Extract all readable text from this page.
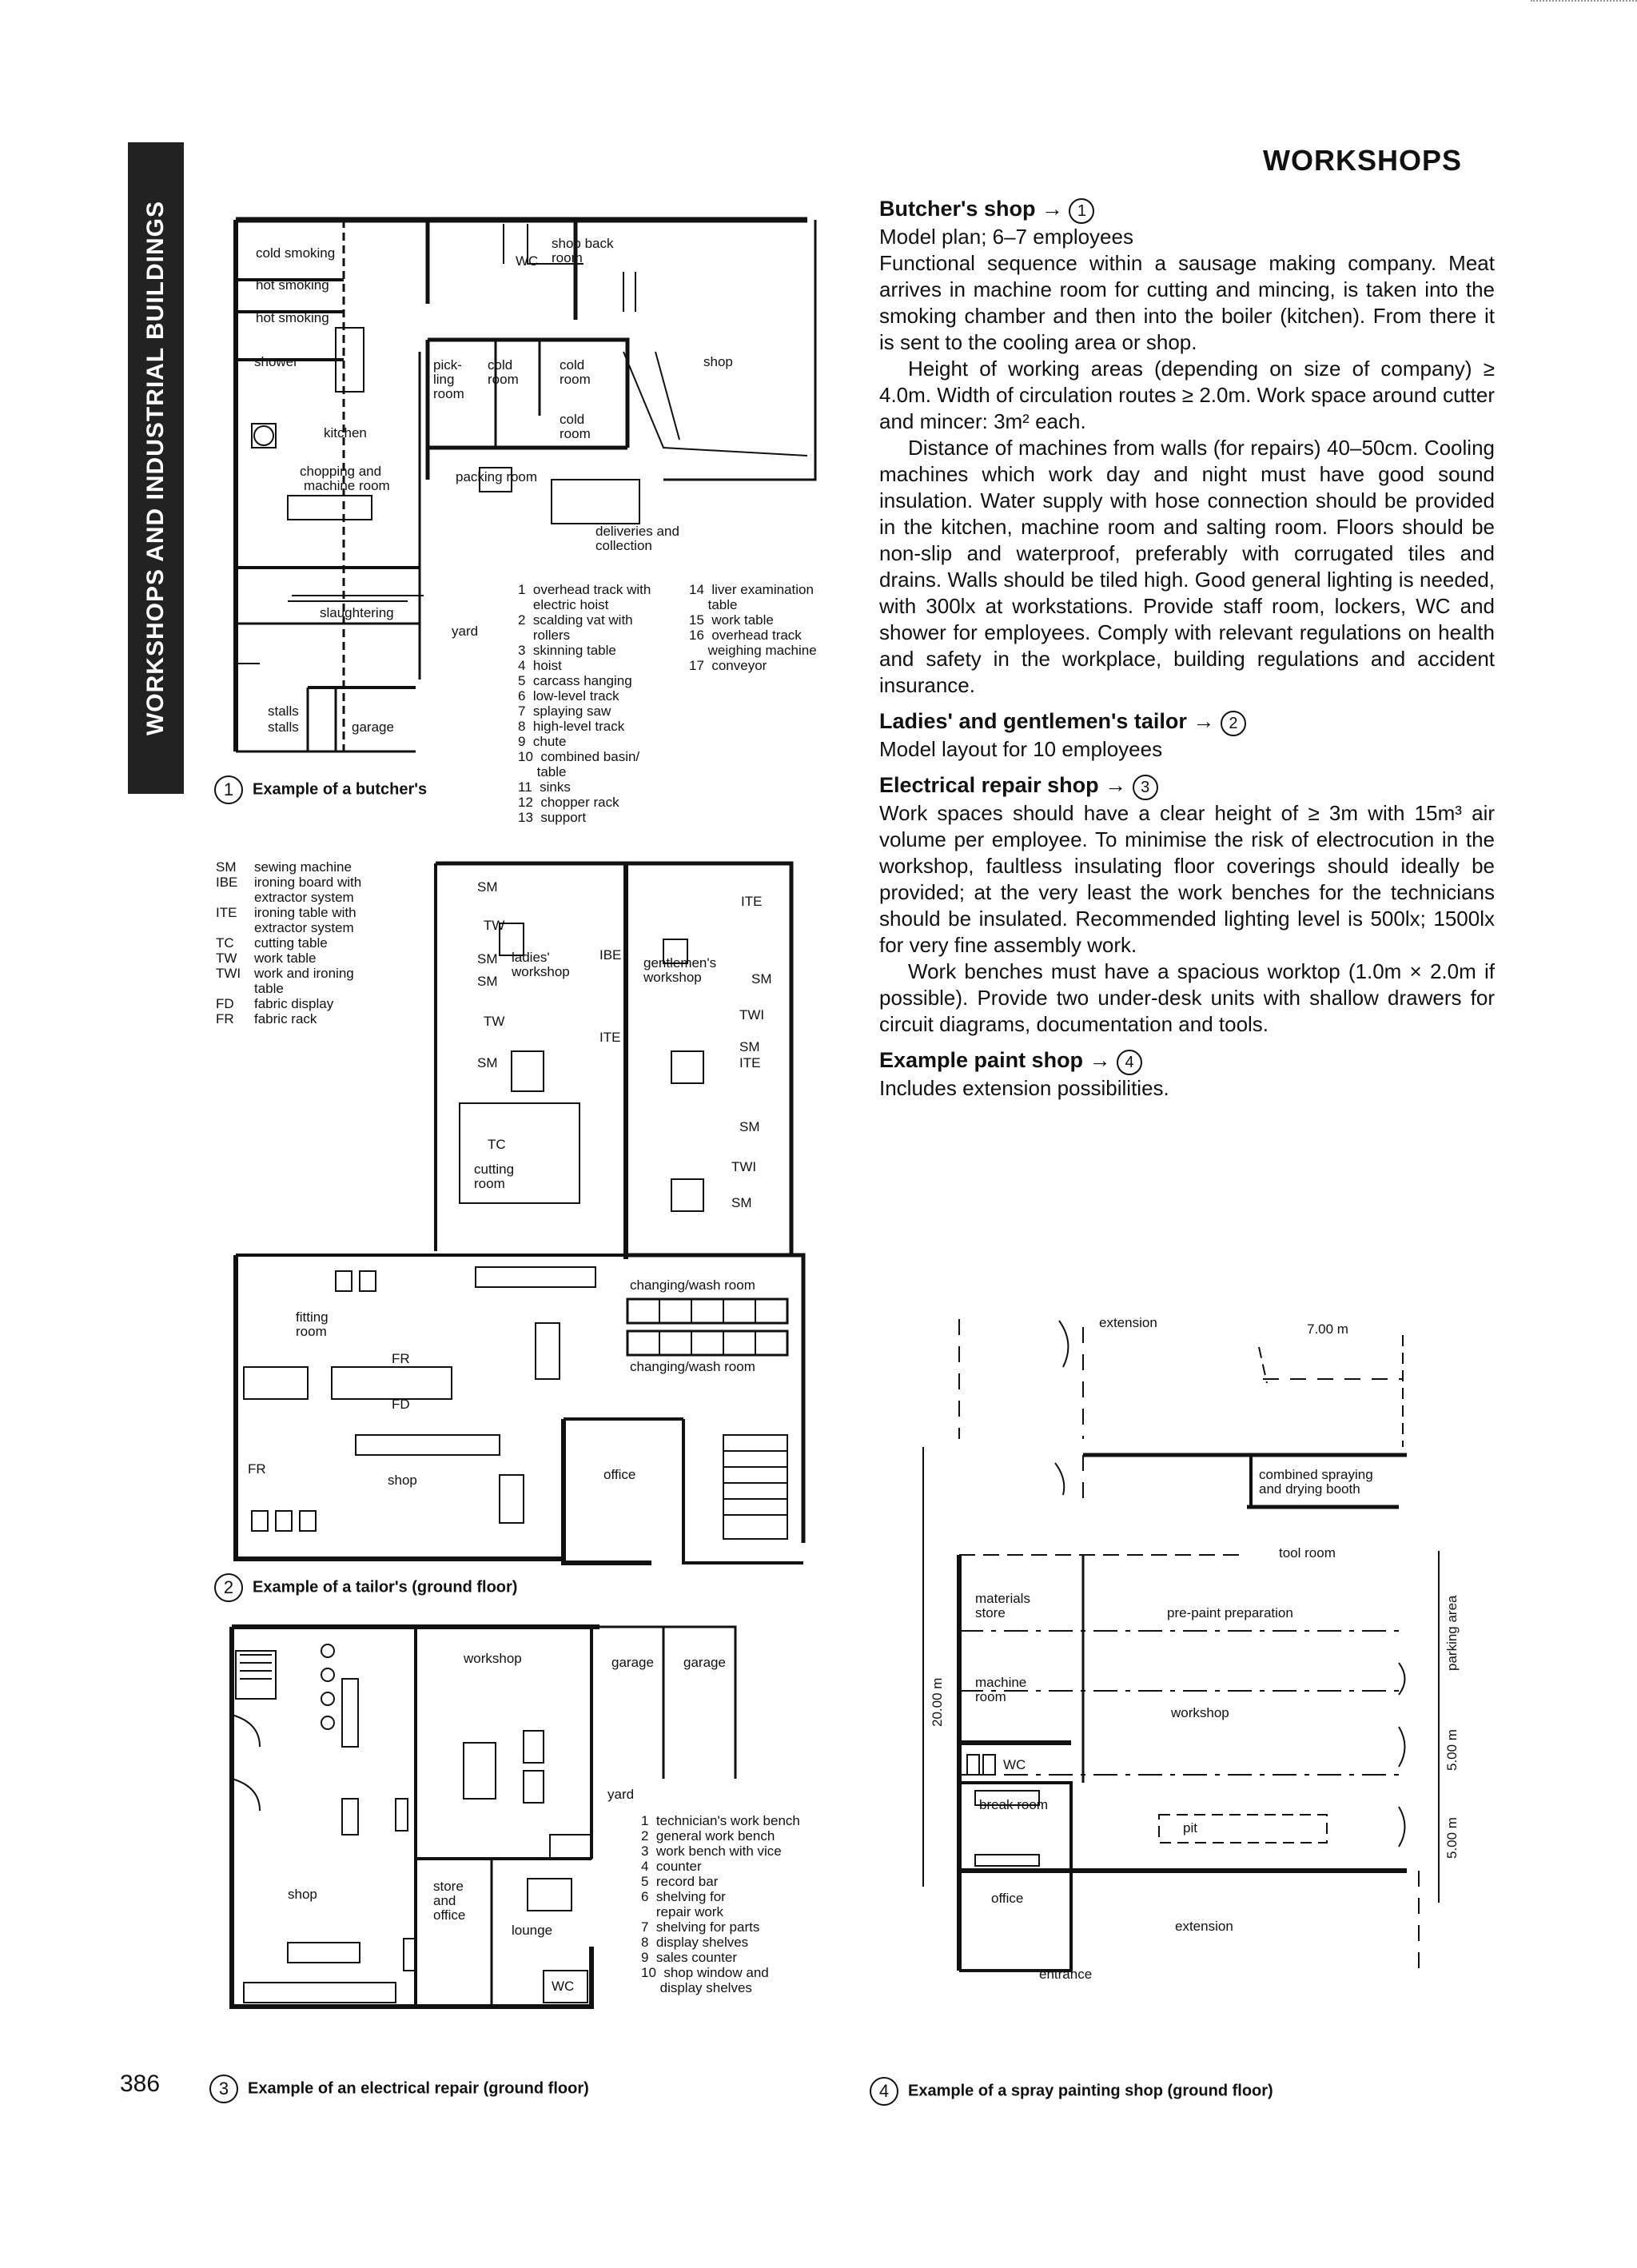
WORKSHOPS AND INDUSTRIAL BUILDINGS
WORKSHOPS
Butcher's shop → 1

Model plan; 6–7 employees

Functional sequence within a sausage making company. Meat arrives in machine room for cutting and mincing, is taken into the smoking chamber and then into the boiler (kitchen). From there it is sent to the cooling area or shop.

Height of working areas (depending on size of company) ≥ 4.0m. Width of circulation routes ≥ 2.0m. Work space around cutter and mincer: 3m² each.

Distance of machines from walls (for repairs) 40–50cm. Cooling machines which work day and night must have good sound insulation. Water supply with hose connection should be provided in the kitchen, machine room and salting room. Floors should be non-slip and waterproof, preferably with corrugated tiles and drains. Walls should be tiled high. Good general lighting is needed, with 300lx at workstations. Provide staff room, lockers, WC and shower for employees. Comply with relevant regulations on health and safety in the workplace, building regulations and accident insurance.

Ladies' and gentlemen's tailor → 2

Model layout for 10 employees

Electrical repair shop → 3

Work spaces should have a clear height of ≥ 3m with 15m³ air volume per employee. To minimise the risk of electrocution in the workshop, faultless insulating floor coverings should ideally be provided; at the very least the work benches for the technicians should be insulated. Recommended lighting level is 500lx; 1500lx for very fine assembly work.

Work benches must have a spacious worktop (1.0m × 2.0m if possible). Provide two under-desk units with shallow drawers for circuit diagrams, documentation and tools.

Example paint shop → 4

Includes extension possibilities.

cold smoking
hot smoking
hot smoking
shower
kitchen
chopping and
machine room
WC
shop back
room
shop
pick-
ling
room
cold
room
cold
room
cold
room
packing room
deliveries and
collection
slaughtering
yard
stalls
stalls	garage
1  overhead track with
electric hoist
2  scalding vat with
rollers
3  skinning table
4  hoist
5  carcass hanging
6  low-level track
7  splaying saw
8  high-level track
9  chute
10  combined basin/
table
11  sinks
12  chopper rack
13  support
14  liver examination
table
15  work table
16  overhead track
weighing machine
17  conveyor
1 Example of a butcher's
SM	sewing machine
IBE	ironing board with extractor system
ITE	ironing table with extractor system
TC	cutting table
TW	work table
TWI work and ironing table
FD	fabric display
FR	fabric rack
SM
TW
SM
SM
TW
SM
IBE
ITE
ladies'
workshop
gentlemen's
workshop
ITE
SM
TWI
SM
ITE
SM
TWI
SM
TC
cutting
room
changing/wash room
changing/wash room
fitting
room
FR
FD
FR
shop	office
2 Example of a tailor's (ground floor)
workshop	garage garage
yard
shop
store
and
office
lounge
WC
1  technician's work bench
2  general work bench
3  work bench with vice
4  counter
5  record bar
6  shelving for
repair work
7  shelving for parts
8  display shelves
9  sales counter
10  shop window and
display shelves
3 Example of an electrical repair (ground floor)
extension	7.00 m
combined spraying
and drying booth
tool room
materials
store	pre-paint preparation
machine
room
workshop
WC
break room
pit
office
extension
entrance
20.00 m
5.00 m
5.00 m
parking area
4 Example of a spray painting shop (ground floor)
386
